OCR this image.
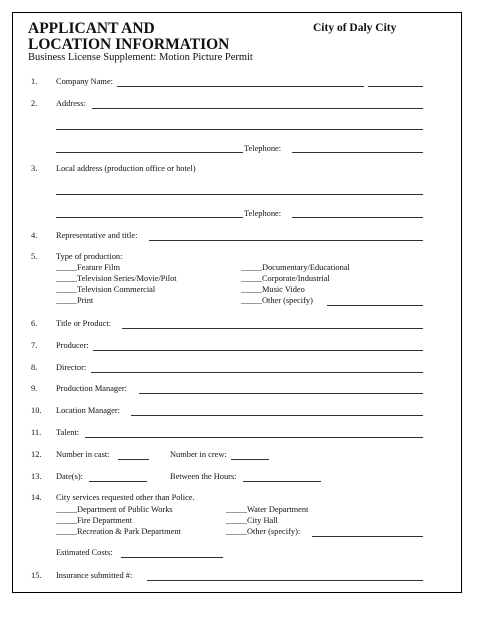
APPLICANT AND
LOCATION INFORMATION
City of Daly City
Business License Supplement: Motion Picture Permit
1. Company Name:
2. Address:
Telephone:
3. Local address (production office or hotel)
Telephone:
4. Representative and title:
5. Type of production:
_____Feature Film
_____Television Series/Movie/Pilot
_____Television Commercial
_____Print
_____Documentary/Educational
_____Corporate/Industrial
_____Music Video
_____Other (specify)
6. Title or Product:
7. Producer:
8. Director:
9. Production Manager:
10. Location Manager:
11. Talent:
12. Number in cast:	Number in crew:
13. Date(s):	Between the Hours:
14. City services requested other than Police.
_____Department of Public Works
_____Fire Department
_____Recreation & Park Department
_____Water Department
_____City Hall
_____Other (specify):
Estimated Costs:
15. Insurance submitted #:
